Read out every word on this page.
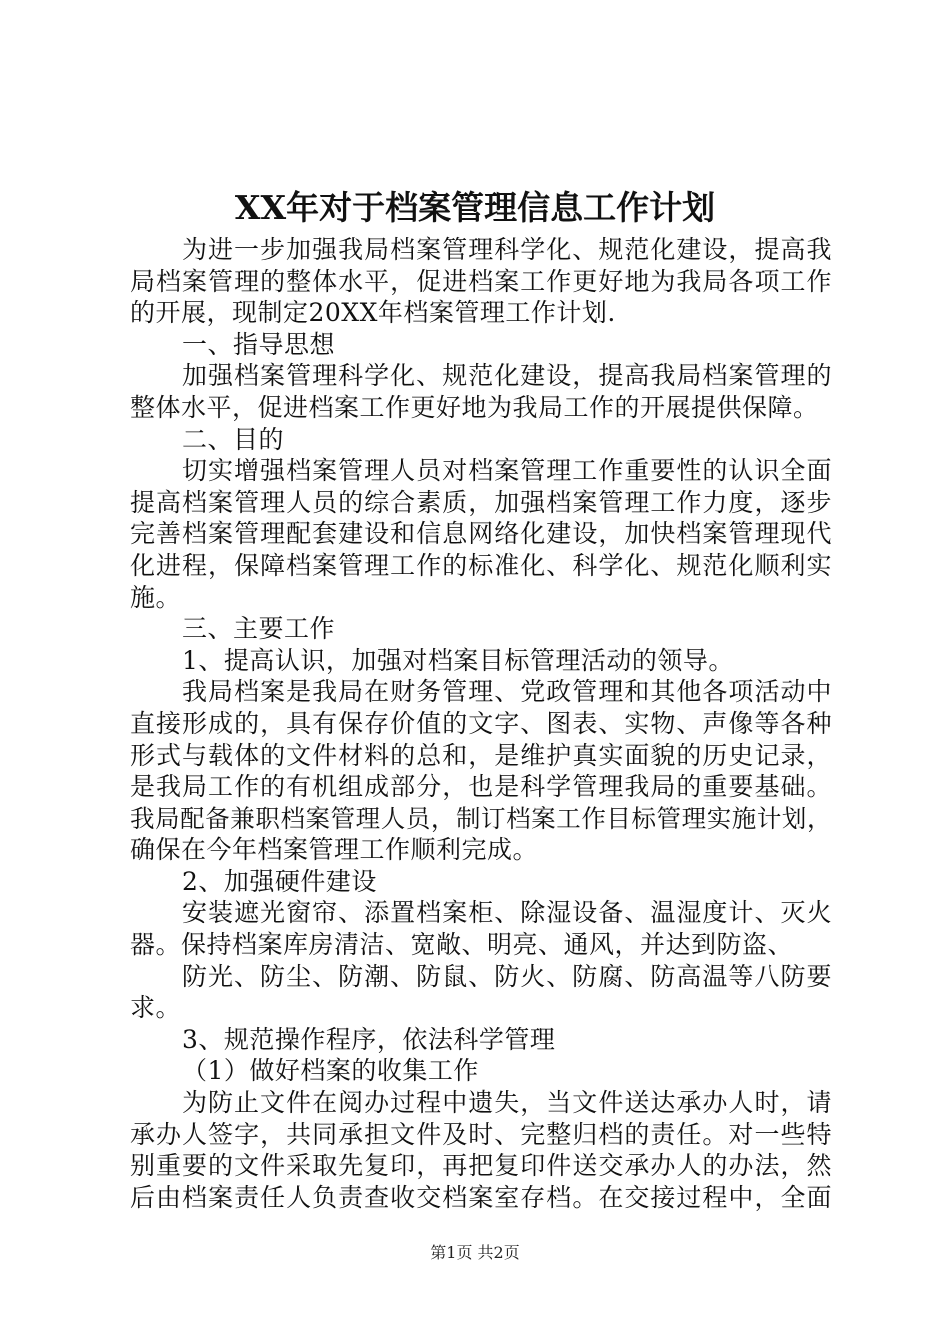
XX年对于档案管理信息工作计划
为进一步加强我局档案管理科学化、规范化建设，提高我
局档案管理的整体水平，促进档案工作更好地为我局各项工作
的开展，现制定20XX年档案管理工作计划.
一、指导思想
加强档案管理科学化、规范化建设，提高我局档案管理的
整体水平，促进档案工作更好地为我局工作的开展提供保障。
二、目的
切实增强档案管理人员对档案管理工作重要性的认识全面
提高档案管理人员的综合素质，加强档案管理工作力度，逐步
完善档案管理配套建设和信息网络化建设，加快档案管理现代
化进程，保障档案管理工作的标准化、科学化、规范化顺利实
施。
三、主要工作
1、提高认识，加强对档案目标管理活动的领导。
我局档案是我局在财务管理、党政管理和其他各项活动中
直接形成的，具有保存价值的文字、图表、实物、声像等各种
形式与载体的文件材料的总和，是维护真实面貌的历史记录，
是我局工作的有机组成部分，也是科学管理我局的重要基础。
我局配备兼职档案管理人员，制订档案工作目标管理实施计划，
确保在今年档案管理工作顺利完成。
2、加强硬件建设
安装遮光窗帘、添置档案柜、除湿设备、温湿度计、灭火
器。保持档案库房清洁、宽敞、明亮、通风，并达到防盗、
防光、防尘、防潮、防鼠、防火、防腐、防高温等八防要
求。
3、规范操作程序，依法科学管理
（1）做好档案的收集工作
为防止文件在阅办过程中遗失，当文件送达承办人时，请
承办人签字，共同承担文件及时、完整归档的责任。对一些特
别重要的文件采取先复印，再把复印件送交承办人的办法，然
后由档案责任人负责查收交档案室存档。在交接过程中，全面
第1页 共2页
